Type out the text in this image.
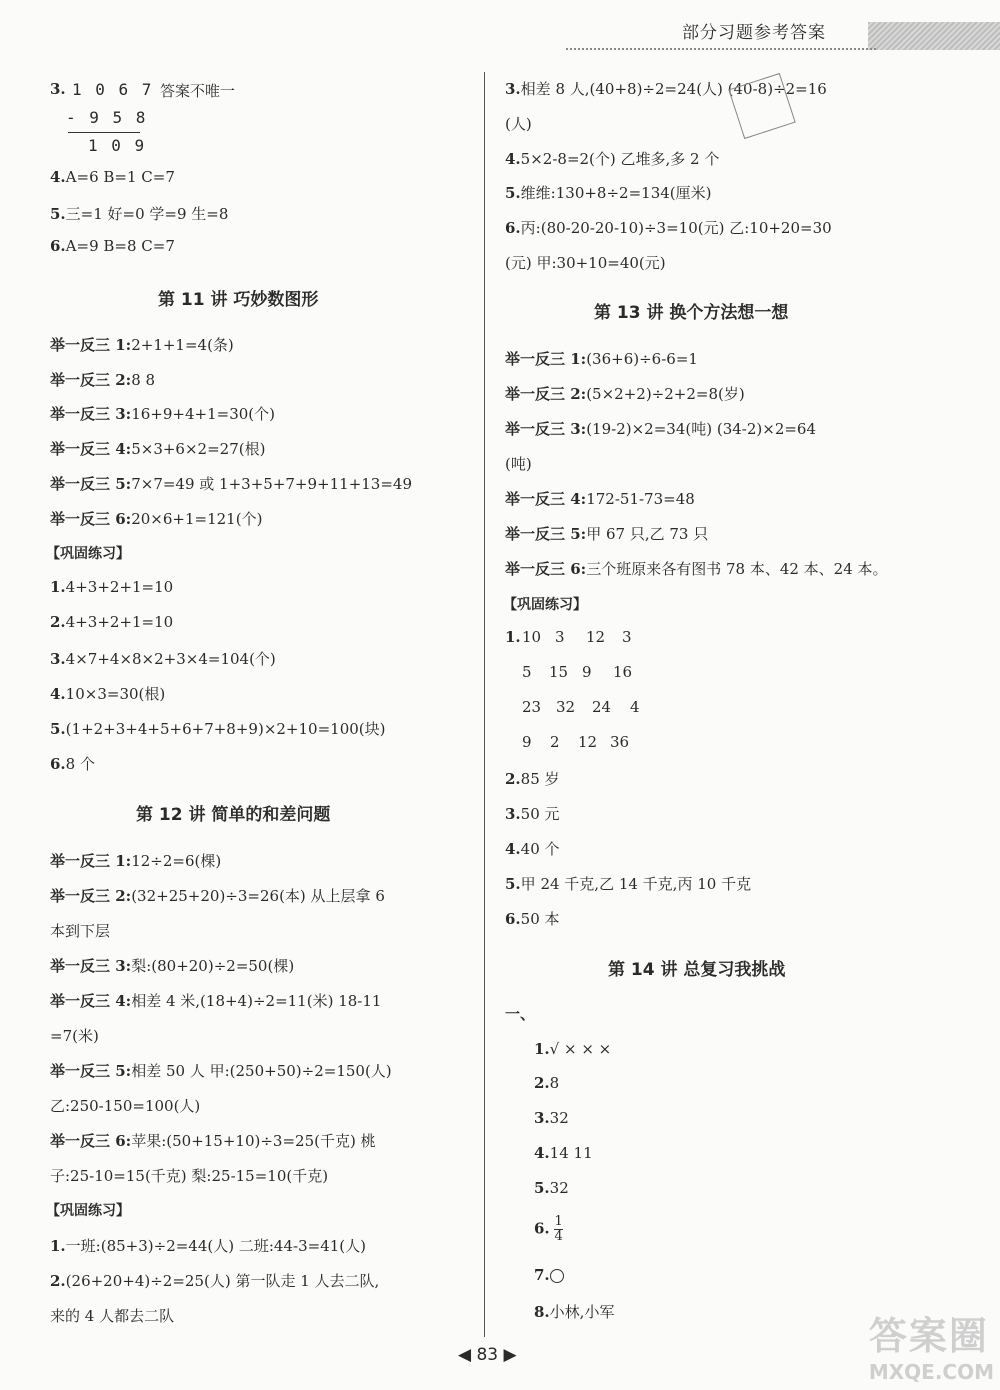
部分习题参考答案
3. 1 0 6 7 答案不唯一
- 9 5 8
1 0 9
4.A=6 B=1 C=7
5.三=1 好=0 学=9 生=8
6.A=9 B=8 C=7
第 11 讲 巧妙数图形
举一反三 1:2+1+1=4(条)
举一反三 2:8 8
举一反三 3:16+9+4+1=30(个)
举一反三 4:5×3+6×2=27(根)
举一反三 5:7×7=49 或 1+3+5+7+9+11+13=49
举一反三 6:20×6+1=121(个)
【巩固练习】
1.4+3+2+1=10
2.4+3+2+1=10
3.4×7+4×8×2+3×4=104(个)
4.10×3=30(根)
5.(1+2+3+4+5+6+7+8+9)×2+10=100(块)
6.8 个
第 12 讲 简单的和差问题
举一反三 1:12÷2=6(棵)
举一反三 2:(32+25+20)÷3=26(本) 从上层拿 6
本到下层
举一反三 3:梨:(80+20)÷2=50(棵)
举一反三 4:相差 4 米,(18+4)÷2=11(米) 18-11
=7(米)
举一反三 5:相差 50 人 甲:(250+50)÷2=150(人)
乙:250-150=100(人)
举一反三 6:苹果:(50+15+10)÷3=25(千克) 桃
子:25-10=15(千克) 梨:25-15=10(千克)
【巩固练习】
1.一班:(85+3)÷2=44(人) 二班:44-3=41(人)
2.(26+20+4)÷2=25(人) 第一队走 1 人去二队,
来的 4 人都去二队
3.相差 8 人,(40+8)÷2=24(人) (40-8)÷2=16
(人)
4.5×2-8=2(个) 乙堆多,多 2 个
5.维维:130+8÷2=134(厘米)
6.丙:(80-20-20-10)÷3=10(元) 乙:10+20=30
(元) 甲:30+10=40(元)
第 13 讲 换个方法想一想
举一反三 1:(36+6)÷6-6=1
举一反三 2:(5×2+2)÷2+2=8(岁)
举一反三 3:(19-2)×2=34(吨) (34-2)×2=64
(吨)
举一反三 4:172-51-73=48
举一反三 5:甲 67 只,乙 73 只
举一反三 6:三个班原来各有图书 78 本、42 本、24 本。
【巩固练习】
1. 10 3 12 3
5 15 9 16
23 32 24 4
9 2 12 36
2.85 岁
3.50 元
4.40 个
5.甲 24 千克,乙 14 千克,丙 10 千克
6.50 本
第 14 讲 总复习我挑战
一、
1.√ × × ×
2.8
3.32
4.14 11
5.32
6. $\frac{1}{4}$
7.
8.小林,小军
◀ 83 ▶	答案圈
MXQE.COM
